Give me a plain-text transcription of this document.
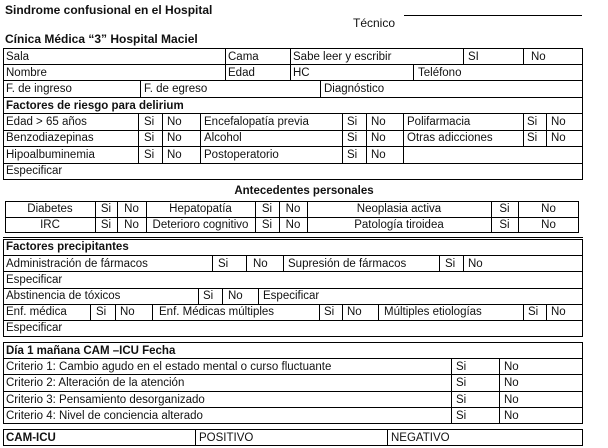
Sindrome confusional en el Hospital
Técnico
Cínica Médica “3” Hospital Maciel
Sala	Cama	Sabe leer y escribir	SI	No
Nombre	Edad	HC	Teléfono
F. de ingreso	F. de egreso	Diagnóstico
Factores de riesgo para delirium
Edad > 65 años	Si No Encefalopatía previa	Si No Polifarmacia	Si No
Benzodiazepinas	Si No Alcohol	Si No Otras adicciones	Si No
Hipoalbuminemia	Si No Postoperatorio	Si No
Especificar
Antecedentes personales
Diabetes	Si	No	Hepatopatía	Si	No	Neoplasia activa	Si	No
IRC	Si	No	Deterioro cognitivo	Si	No	Patología tiroidea	Si	No
Factores precipitantes
Administración de fármacos	Si No Supresión de fármacos	Si No
Especificar
Abstinencia de tóxicos	Si No Especificar
Enf. médica	Si No Enf. Médicas múltiples	Si No Múltiples etiologías	Si No
Especificar
Día 1 mañana CAM –ICU Fecha
Criterio 1: Cambio agudo en el estado mental o curso fluctuante	Si	No
Criterio 2: Alteración de la atención	Si	No
Criterio 3: Pensamiento desorganizado	Si	No
Criterio 4: Nivel de conciencia alterado	Si	No
CAM-ICU	POSITIVO	NEGATIVO
